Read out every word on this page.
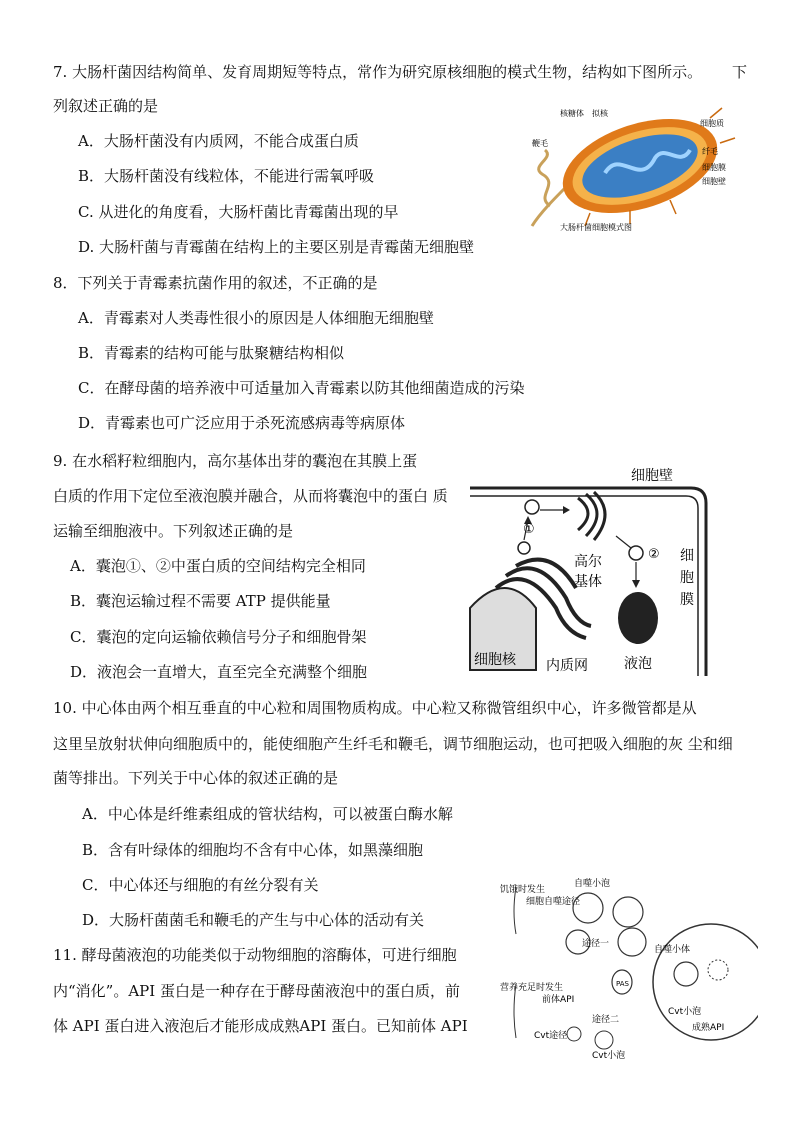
7. 大肠杆菌因结构简单、发育周期短等特点，常作为研究原核细胞的模式生物，结构如下图所示。 下
列叙述正确的是
A．大肠杆菌没有内质网，不能合成蛋白质
B．大肠杆菌没有线粒体，不能进行需氧呼吸
C. 从进化的角度看，大肠杆菌比青霉菌出现的早
D. 大肠杆菌与青霉菌在结构上的主要区别是青霉菌无细胞壁
核糖体 拟核
细胞质
鞭毛
纤毛
细胞膜
细胞壁
大肠杆菌细胞模式图
8．下列关于青霉素抗菌作用的叙述，不正确的是
A．青霉素对人类毒性很小的原因是人体细胞无细胞壁
B．青霉素的结构可能与肽聚糖结构相似
C．在酵母菌的培养液中可适量加入青霉素以防其他细菌造成的污染
D．青霉素也可广泛应用于杀死流感病毒等病原体
9. 在水稻籽粒细胞内，高尔基体出芽的囊泡在其膜上蛋
白质的作用下定位至液泡膜并融合，从而将囊泡中的蛋白 质
运输至细胞液中。下列叙述正确的是
A．囊泡①、②中蛋白质的空间结构完全相同
B．囊泡运输过程不需要 ATP 提供能量
C．囊泡的定向运输依赖信号分子和细胞骨架
D．液泡会一直增大，直至完全充满整个细胞
细胞壁
细
胞
膜
①
高尔
基体
②
液泡
细胞核 内质网
10. 中心体由两个相互垂直的中心粒和周围物质构成。中心粒又称微管组织中心，许多微管都是从
这里呈放射状伸向细胞质中的，能使细胞产生纤毛和鞭毛，调节细胞运动，也可把吸入细胞的灰 尘和细
菌等排出。下列关于中心体的叙述正确的是
A．中心体是纤维素组成的管状结构，可以被蛋白酶水解
B．含有叶绿体的细胞均不含有中心体，如黑藻细胞
C．中心体还与细胞的有丝分裂有关
D．大肠杆菌菌毛和鞭毛的产生与中心体的活动有关
11. 酵母菌液泡的功能类似于动物细胞的溶酶体，可进行细胞
内“消化”。API 蛋白是一种存在于酵母菌液泡中的蛋白质，前
体 API 蛋白进入液泡后才能形成成熟API 蛋白。已知前体 API
饥饿时发生
细胞自噬途径
自噬小泡
途径一
自噬小体
营养充足时发生
前体API
PAS
途径二
Cvt途径
Cvt小泡
成熟API
Cvt小泡
